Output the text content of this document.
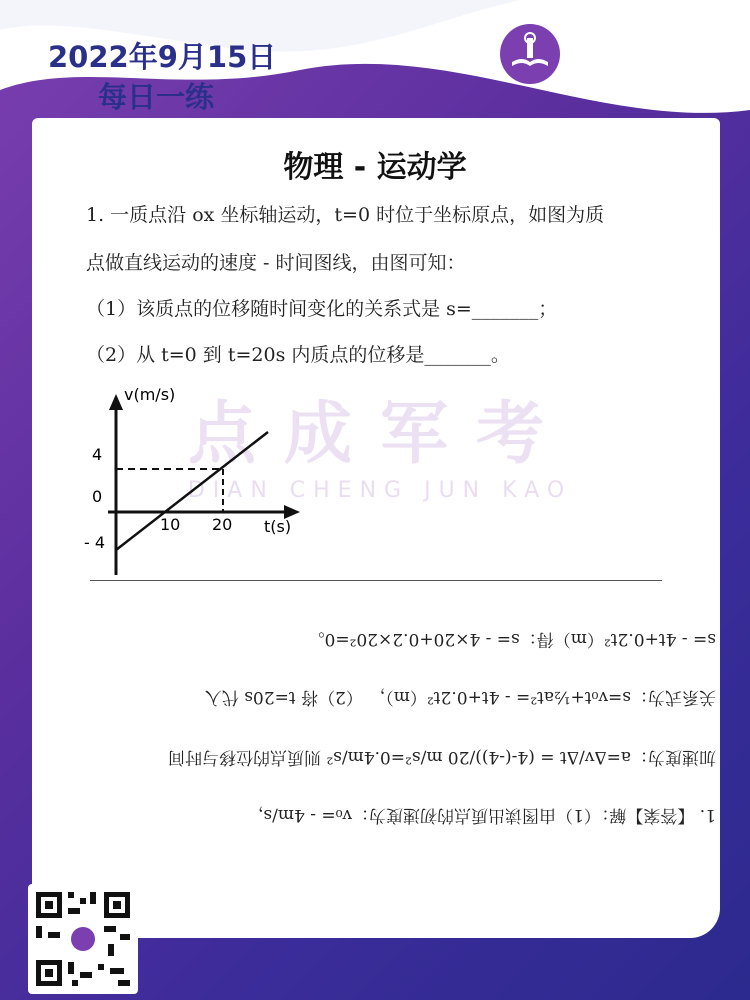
2022年9月15日
每日一练
点成军考
DIAN CHENG JUN KAO
物理 - 运动学
1. 一质点沿 ox 坐标轴运动，t=0 时位于坐标原点，如图为质
点做直线运动的速度 - 时间图线，由图可知：
（1）该质点的位移随时间变化的关系式是 s=_______；
（2）从 t=0 到 t=20s 内质点的位移是_______。
点成军考
DIAN CHENG JUN KAO
v(m/s)
t(s)
4
0
- 4
10 20
1. 【答案】解：（1）由图读出质点的初速度为：v₀= - 4m/s，
加速度为：a=Δv/Δt = (4-(-4))/20 m/s²=0.4m/s² 则质点的位移与时间
关系式为：s=v₀t+½at²= - 4t+0.2t²（m）， （2）将 t=20s 代入
s= - 4t+0.2t²（m）得：s= - 4×20+0.2×20²=0。
